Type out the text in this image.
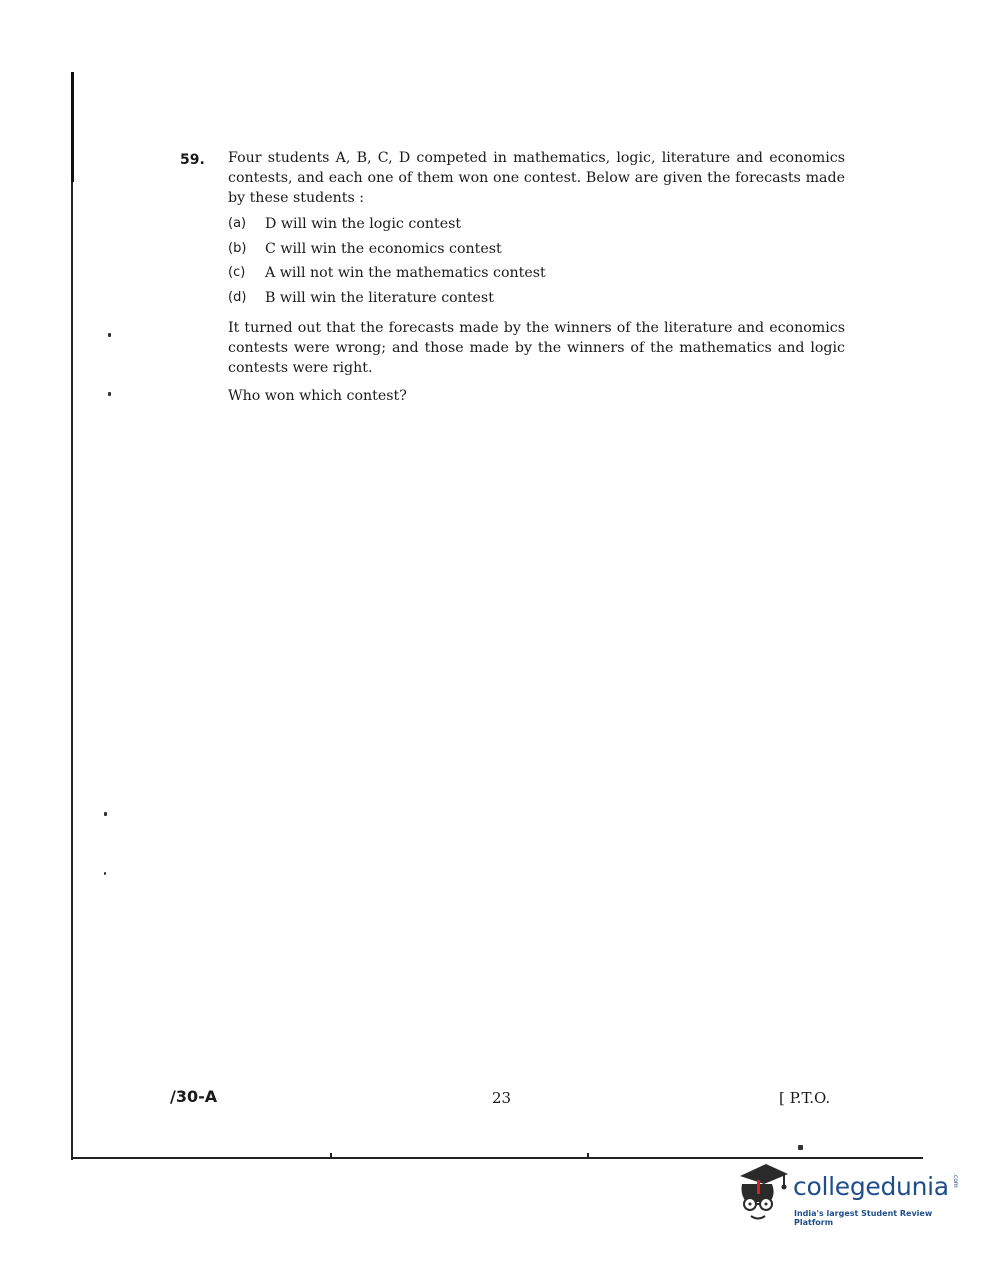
59. Four students A, B, C, D competed in mathematics, logic, literature and economics contests, and each one of them won one contest. Below are given the forecasts made by these students :

(a)	D will win the logic contest
(b)	C will win the economics contest
(c)	A will not win the mathematics contest
(d)	B will win the literature contest

It turned out that the forecasts made by the winners of the literature and economics contests were wrong; and those made by the winners of the mathematics and logic contests were right.

Who won which contest?

/30-A	23	[ P.T.O.
collegedunia .com
India's largest Student Review Platform
